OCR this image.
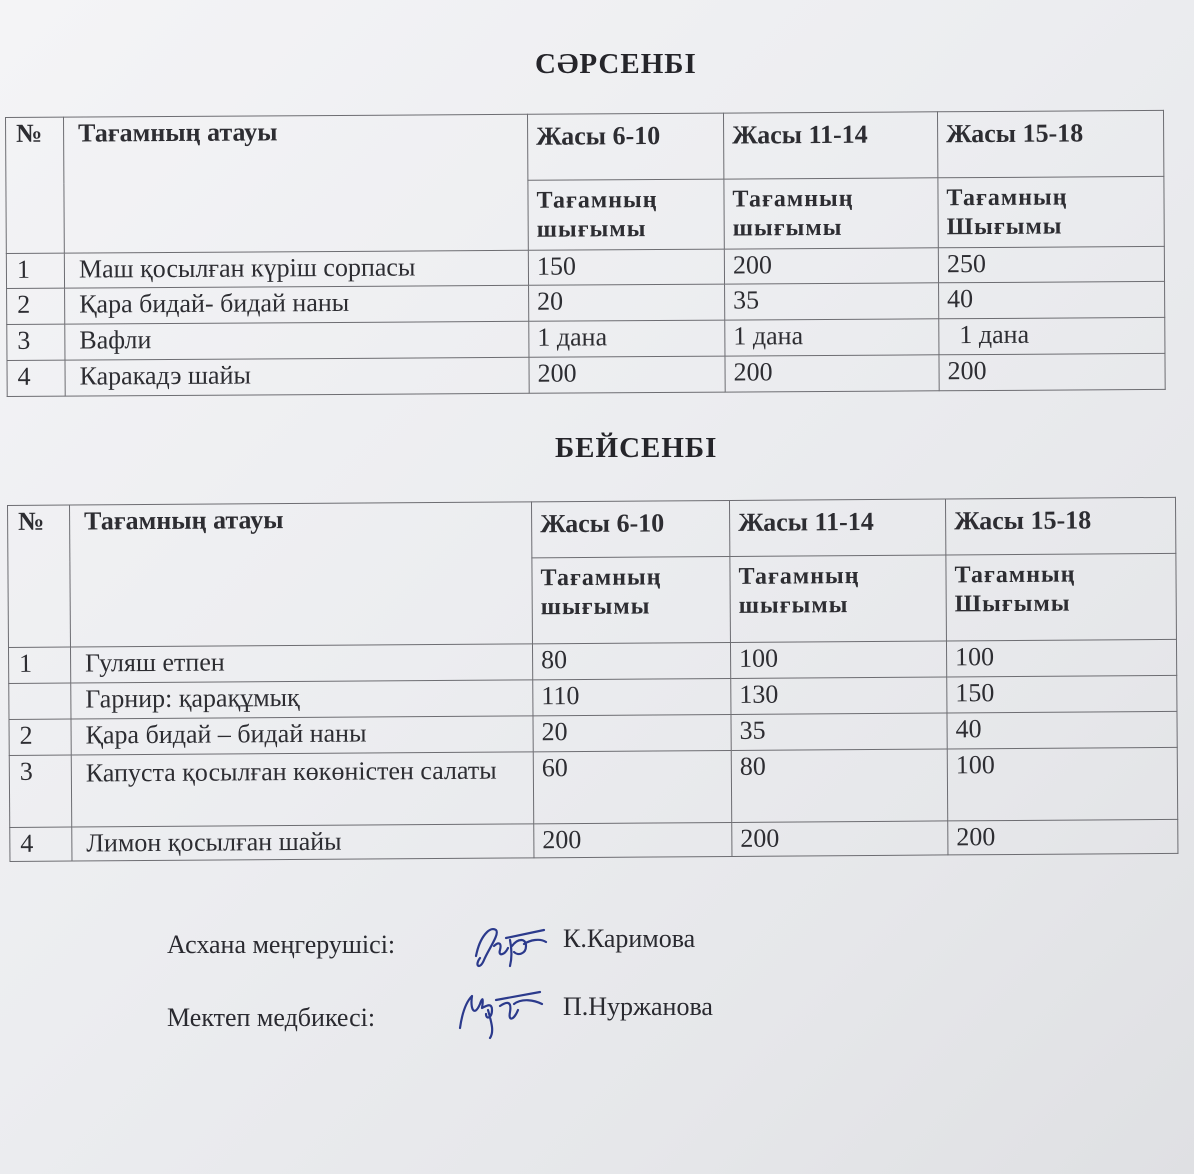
СӘРСЕНБІ
№	Тағамның атауы	Жасы 6-10	Жасы 11-14	Жасы 15-18
		Тағамның шығымы	Тағамның шығымы	Тағамның Шығымы
1	Маш қосылған күріш сорпасы	150	200	250
2	Қара бидай- бидай наны	20	35	40
3	Вафли	1 дана	1 дана	1 дана
4	Каракадэ шайы	200	200	200
БЕЙСЕНБІ
№	Тағамның атауы	Жасы 6-10	Жасы 11-14	Жасы 15-18
		Тағамның шығымы	Тағамның шығымы	Тағамның Шығымы
1	Гуляш етпен	80	100	100
	Гарнир: қарақұмық	110	130	150
2	Қара бидай – бидай наны	20	35	40
3	Капуста қосылған көкөністен салаты	60	80	100
4	Лимон қосылған шайы	200	200	200
Асхана меңгерушісі:	К.Каримова
Мектеп медбикесі:	П.Нуржанова
